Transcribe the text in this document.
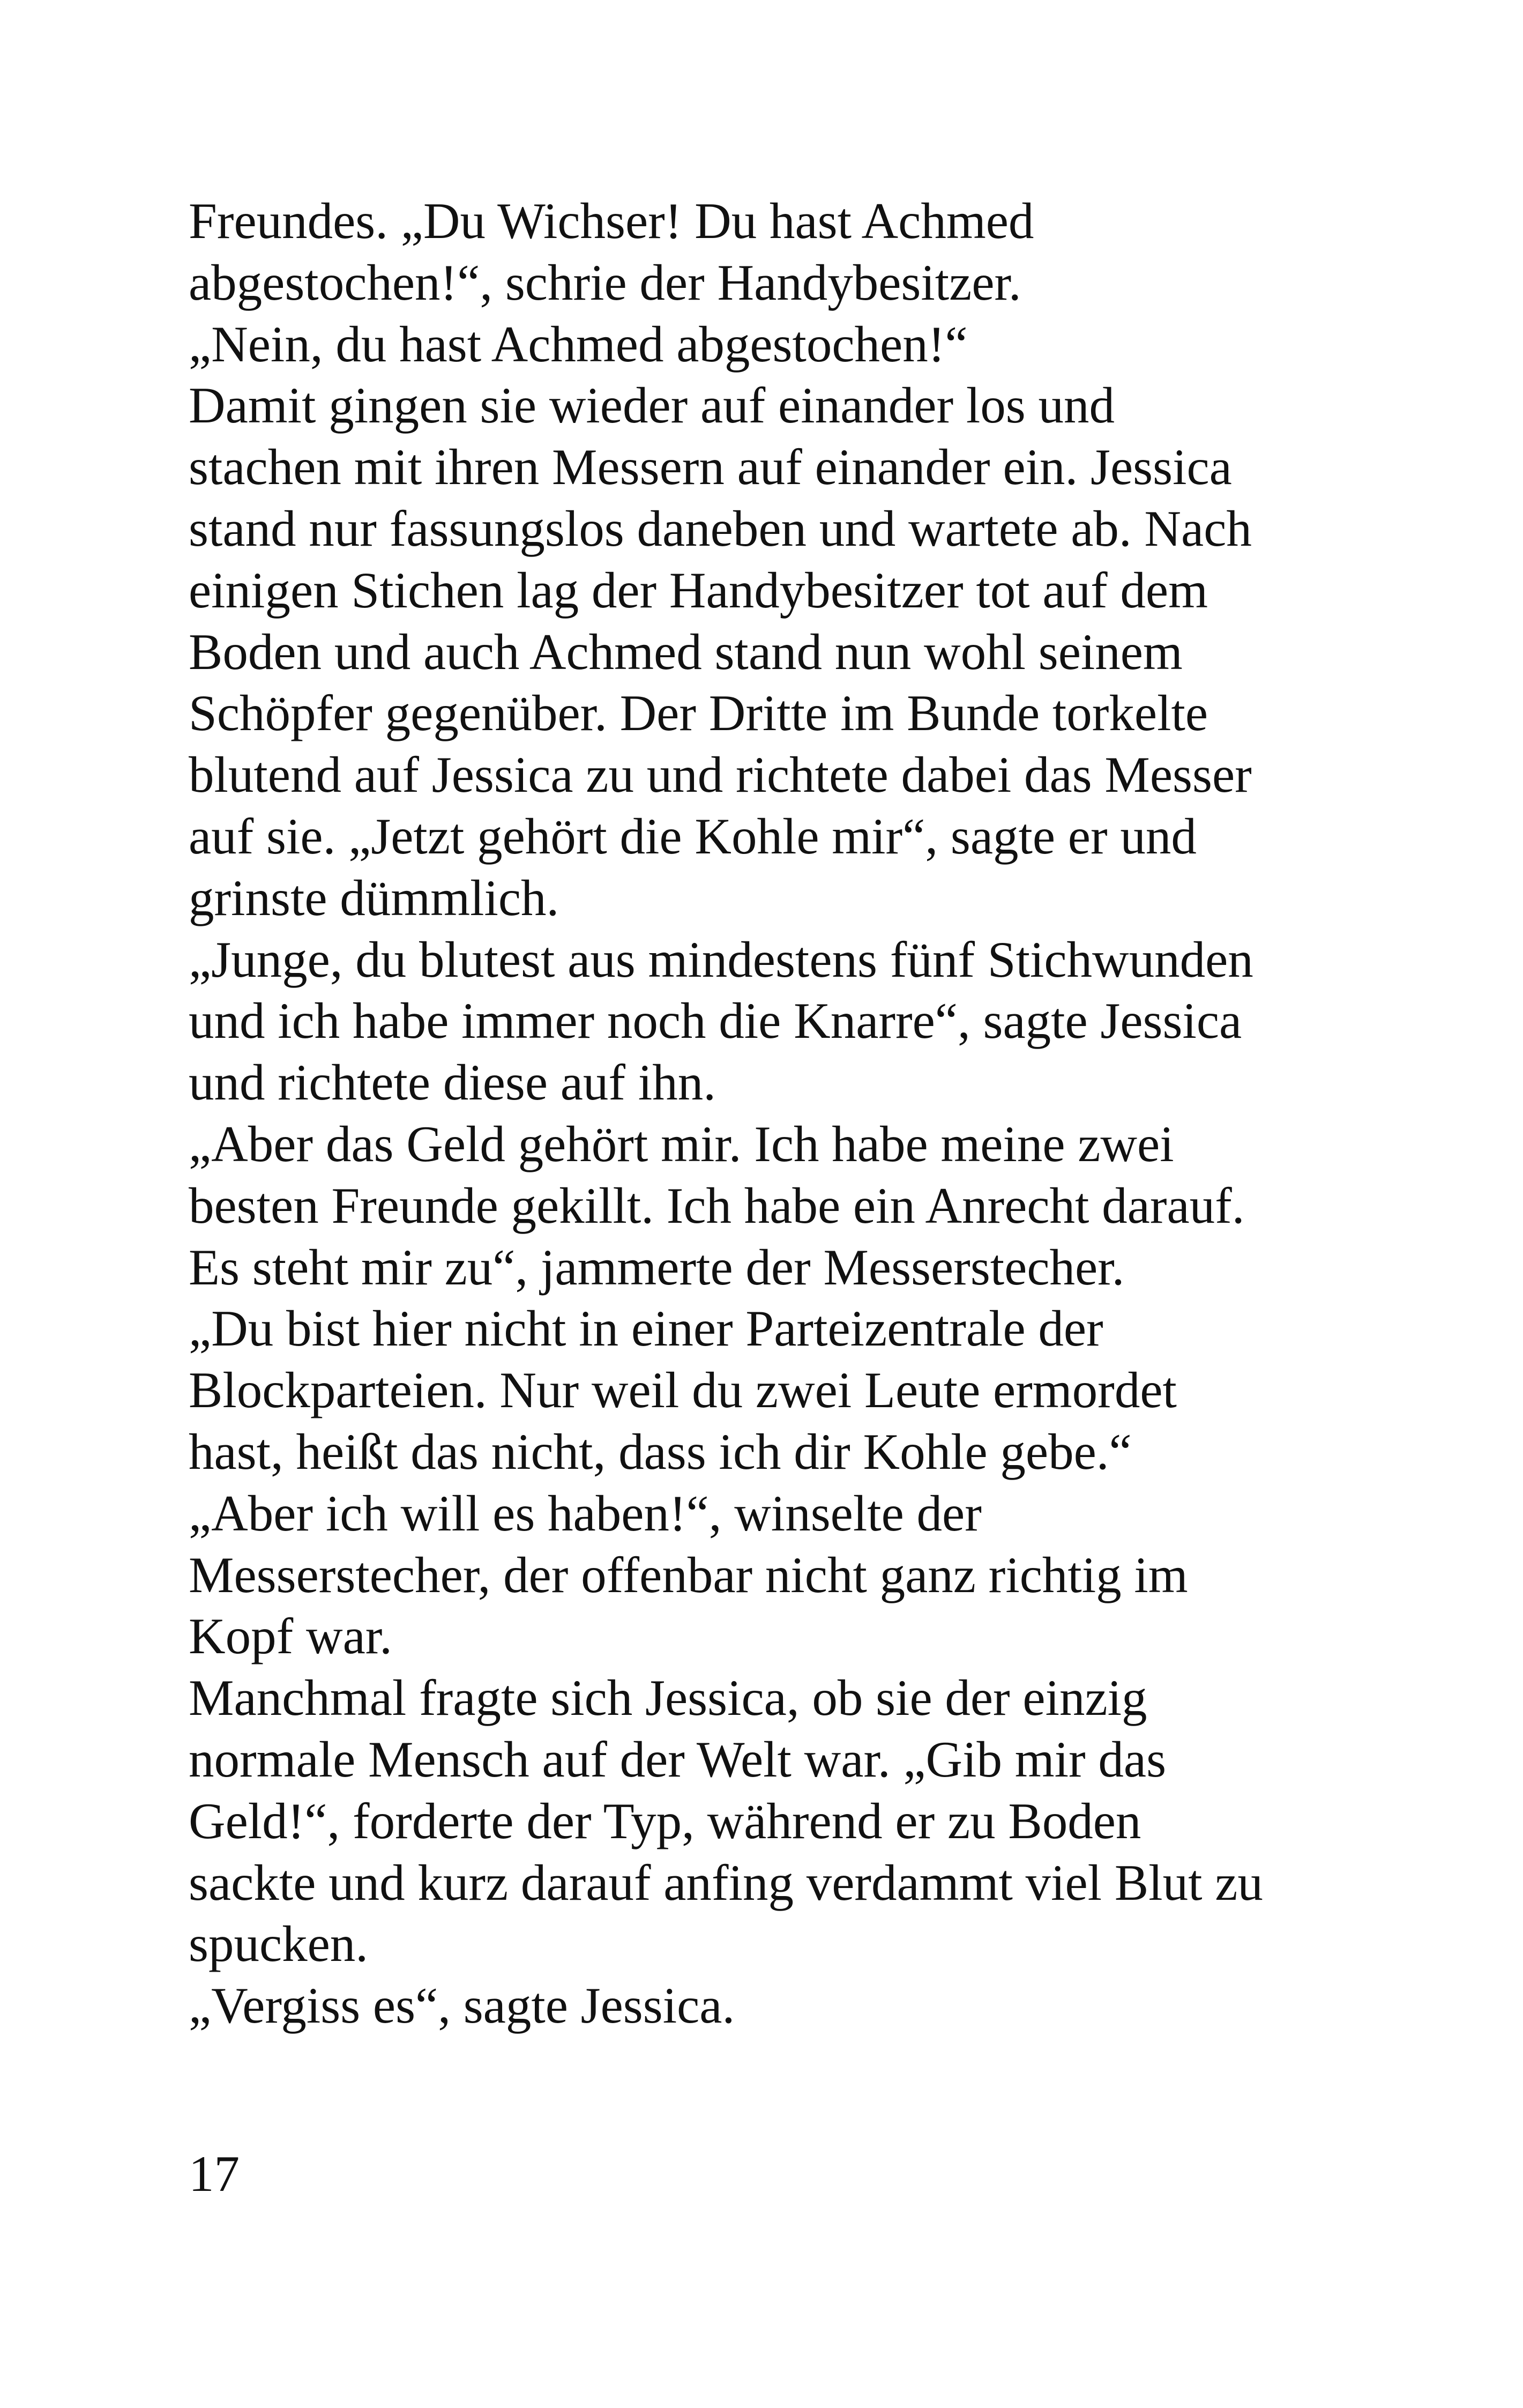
Freundes. „Du Wichser! Du hast Achmed
abgestochen!“, schrie der Handybesitzer.
„Nein, du hast Achmed abgestochen!“
Damit gingen sie wieder auf einander los und
stachen mit ihren Messern auf einander ein. Jessica
stand nur fassungslos daneben und wartete ab. Nach
einigen Stichen lag der Handybesitzer tot auf dem
Boden und auch Achmed stand nun wohl seinem
Schöpfer gegenüber. Der Dritte im Bunde torkelte
blutend auf Jessica zu und richtete dabei das Messer
auf sie. „Jetzt gehört die Kohle mir“, sagte er und
grinste dümmlich.
„Junge, du blutest aus mindestens fünf Stichwunden
und ich habe immer noch die Knarre“, sagte Jessica
und richtete diese auf ihn.
„Aber das Geld gehört mir. Ich habe meine zwei
besten Freunde gekillt. Ich habe ein Anrecht darauf.
Es steht mir zu“, jammerte der Messerstecher.
„Du bist hier nicht in einer Parteizentrale der
Blockparteien. Nur weil du zwei Leute ermordet
hast, heißt das nicht, dass ich dir Kohle gebe.“
„Aber ich will es haben!“, winselte der
Messerstecher, der offenbar nicht ganz richtig im
Kopf war.
Manchmal fragte sich Jessica, ob sie der einzig
normale Mensch auf der Welt war. „Gib mir das
Geld!“, forderte der Typ, während er zu Boden
sackte und kurz darauf anfing verdammt viel Blut zu
spucken.
„Vergiss es“, sagte Jessica.
17
